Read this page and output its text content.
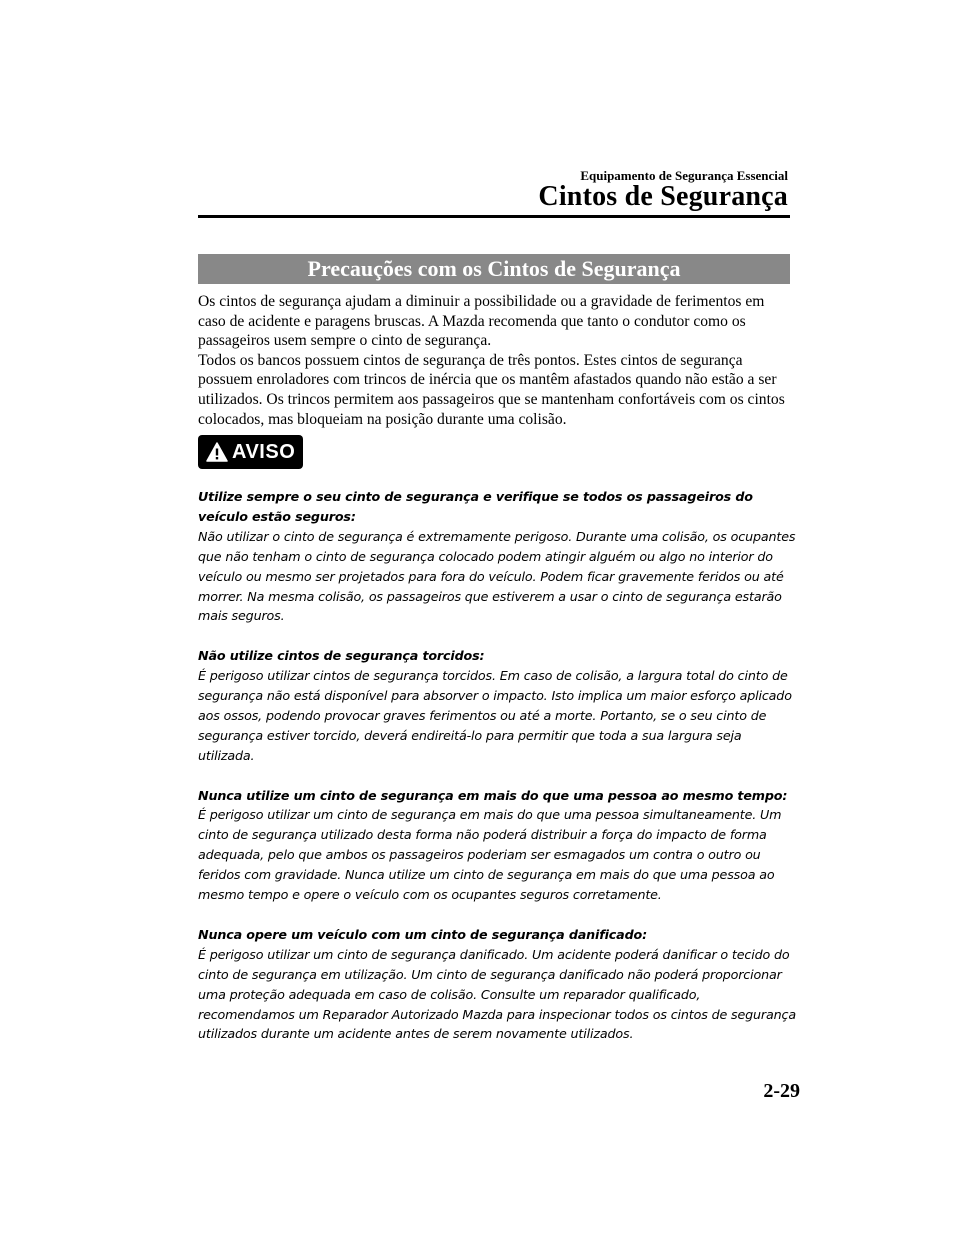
Equipamento de Segurança Essencial
Cintos de Segurança
Precauções com os Cintos de Segurança

Os cintos de segurança ajudam a diminuir a possibilidade ou a gravidade de ferimentos em caso de acidente e paragens bruscas. A Mazda recomenda que tanto o condutor como os passageiros usem sempre o cinto de segurança.

Todos os bancos possuem cintos de segurança de três pontos. Estes cintos de segurança possuem enroladores com trincos de inércia que os mantêm afastados quando não estão a ser utilizados. Os trincos permitem aos passageiros que se mantenham confortáveis com os cintos colocados, mas bloqueiam na posição durante uma colisão.

AVISO
Utilize sempre o seu cinto de segurança e verifique se todos os passageiros do veículo estão seguros:
Não utilizar o cinto de segurança é extremamente perigoso. Durante uma colisão, os ocupantes que não tenham o cinto de segurança colocado podem atingir alguém ou algo no interior do veículo ou mesmo ser projetados para fora do veículo. Podem ficar gravemente feridos ou até morrer. Na mesma colisão, os passageiros que estiverem a usar o cinto de segurança estarão mais seguros.
Não utilize cintos de segurança torcidos:
É perigoso utilizar cintos de segurança torcidos. Em caso de colisão, a largura total do cinto de segurança não está disponível para absorver o impacto. Isto implica um maior esforço aplicado aos ossos, podendo provocar graves ferimentos ou até a morte. Portanto, se o seu cinto de segurança estiver torcido, deverá endireitá-lo para permitir que toda a sua largura seja utilizada.
Nunca utilize um cinto de segurança em mais do que uma pessoa ao mesmo tempo:
É perigoso utilizar um cinto de segurança em mais do que uma pessoa simultaneamente. Um cinto de segurança utilizado desta forma não poderá distribuir a força do impacto de forma adequada, pelo que ambos os passageiros poderiam ser esmagados um contra o outro ou feridos com gravidade. Nunca utilize um cinto de segurança em mais do que uma pessoa ao mesmo tempo e opere o veículo com os ocupantes seguros corretamente.
Nunca opere um veículo com um cinto de segurança danificado:
É perigoso utilizar um cinto de segurança danificado. Um acidente poderá danificar o tecido do cinto de segurança em utilização. Um cinto de segurança danificado não poderá proporcionar uma proteção adequada em caso de colisão. Consulte um reparador qualificado, recomendamos um Reparador Autorizado Mazda para inspecionar todos os cintos de segurança utilizados durante um acidente antes de serem novamente utilizados.
2-29
